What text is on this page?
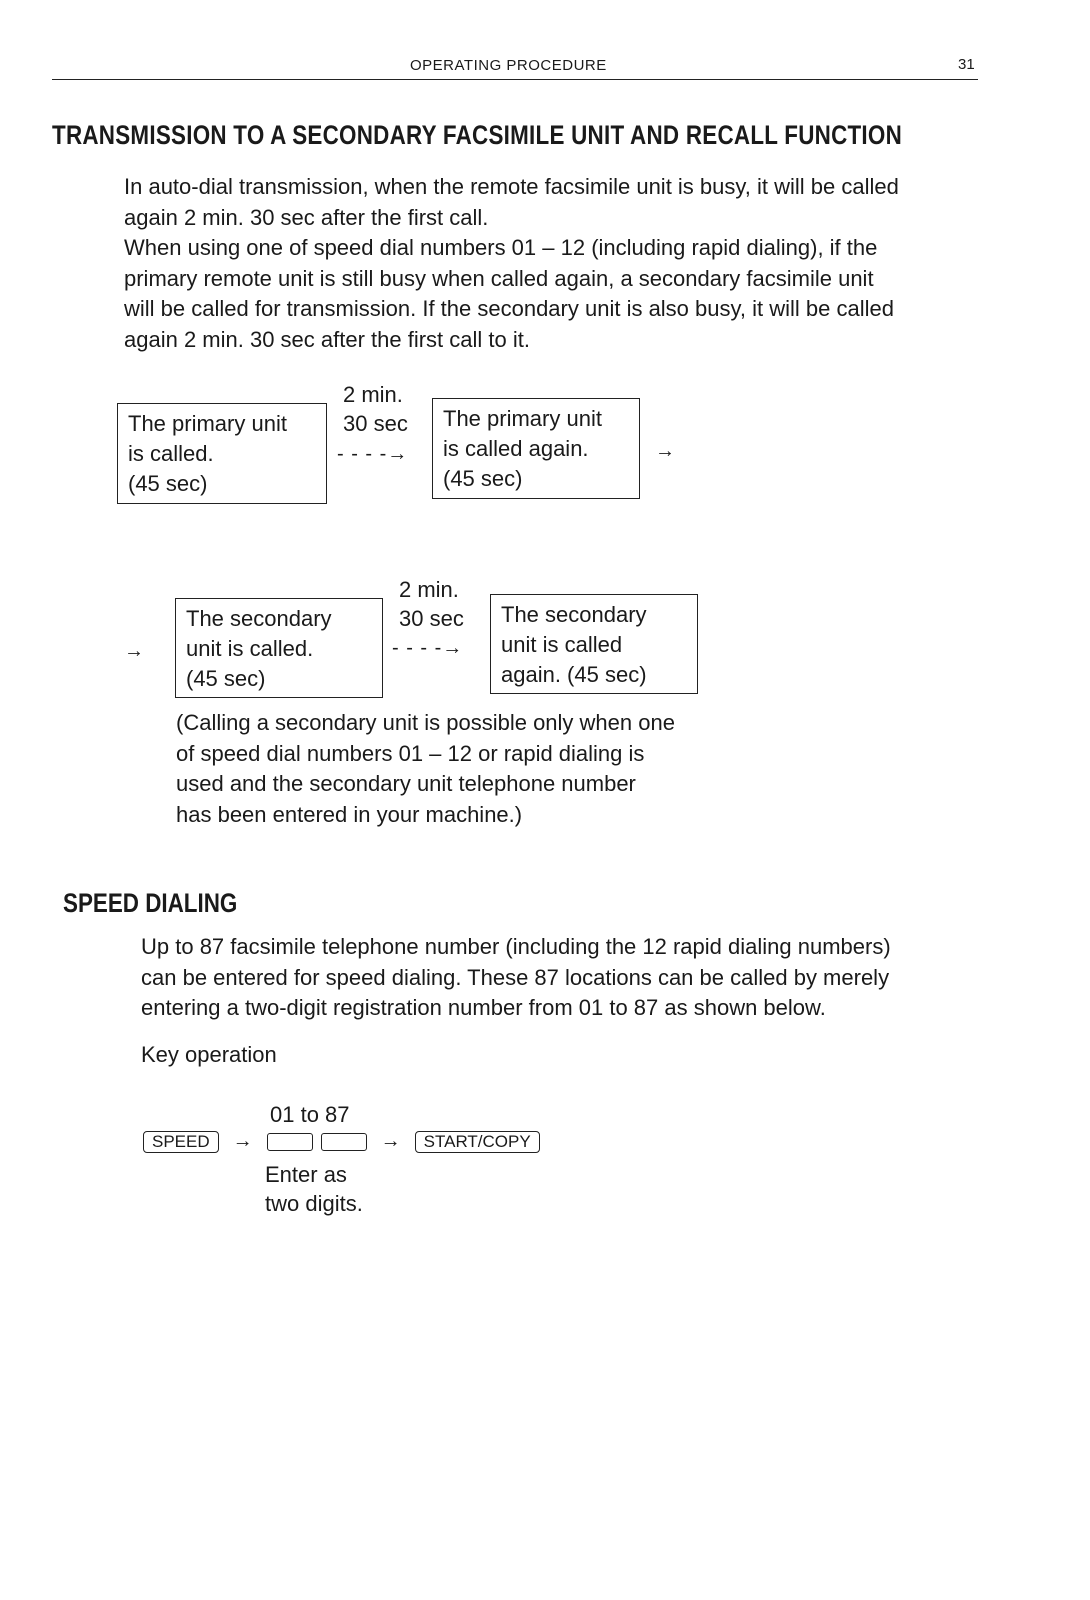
OPERATING PROCEDURE	31
TRANSMISSION TO A SECONDARY FACSIMILE UNIT AND RECALL FUNCTION

In auto-dial transmission, when the remote facsimile unit is busy, it will be called

again 2 min. 30 sec after the first call.

When using one of speed dial numbers 01 – 12 (including rapid dialing), if the

primary remote unit is still busy when called again, a secondary facsimile unit

will be called for transmission. If the secondary unit is also busy, it will be called

again 2 min. 30 sec after the first call to it.

The primary unit
is called.
(45 sec)
2 min.
30 sec
- - - -→
The primary unit
is called again.
(45 sec)
→
→
The secondary
unit is called.
(45 sec)
2 min.
30 sec
- - - -→
The secondary
unit is called
again. (45 sec)
(Calling a secondary unit is possible only when one
of speed dial numbers 01 – 12 or rapid dialing is
used and the secondary unit telephone number
has been entered in your machine.)
SPEED DIALING

Up to 87 facsimile telephone number (including the 12 rapid dialing numbers)

can be entered for speed dialing. These 87 locations can be called by merely

entering a two-digit registration number from 01 to 87 as shown below.

Key operation
01 to 87
SPEED	→	→	START/COPY
Enter as
two digits.
